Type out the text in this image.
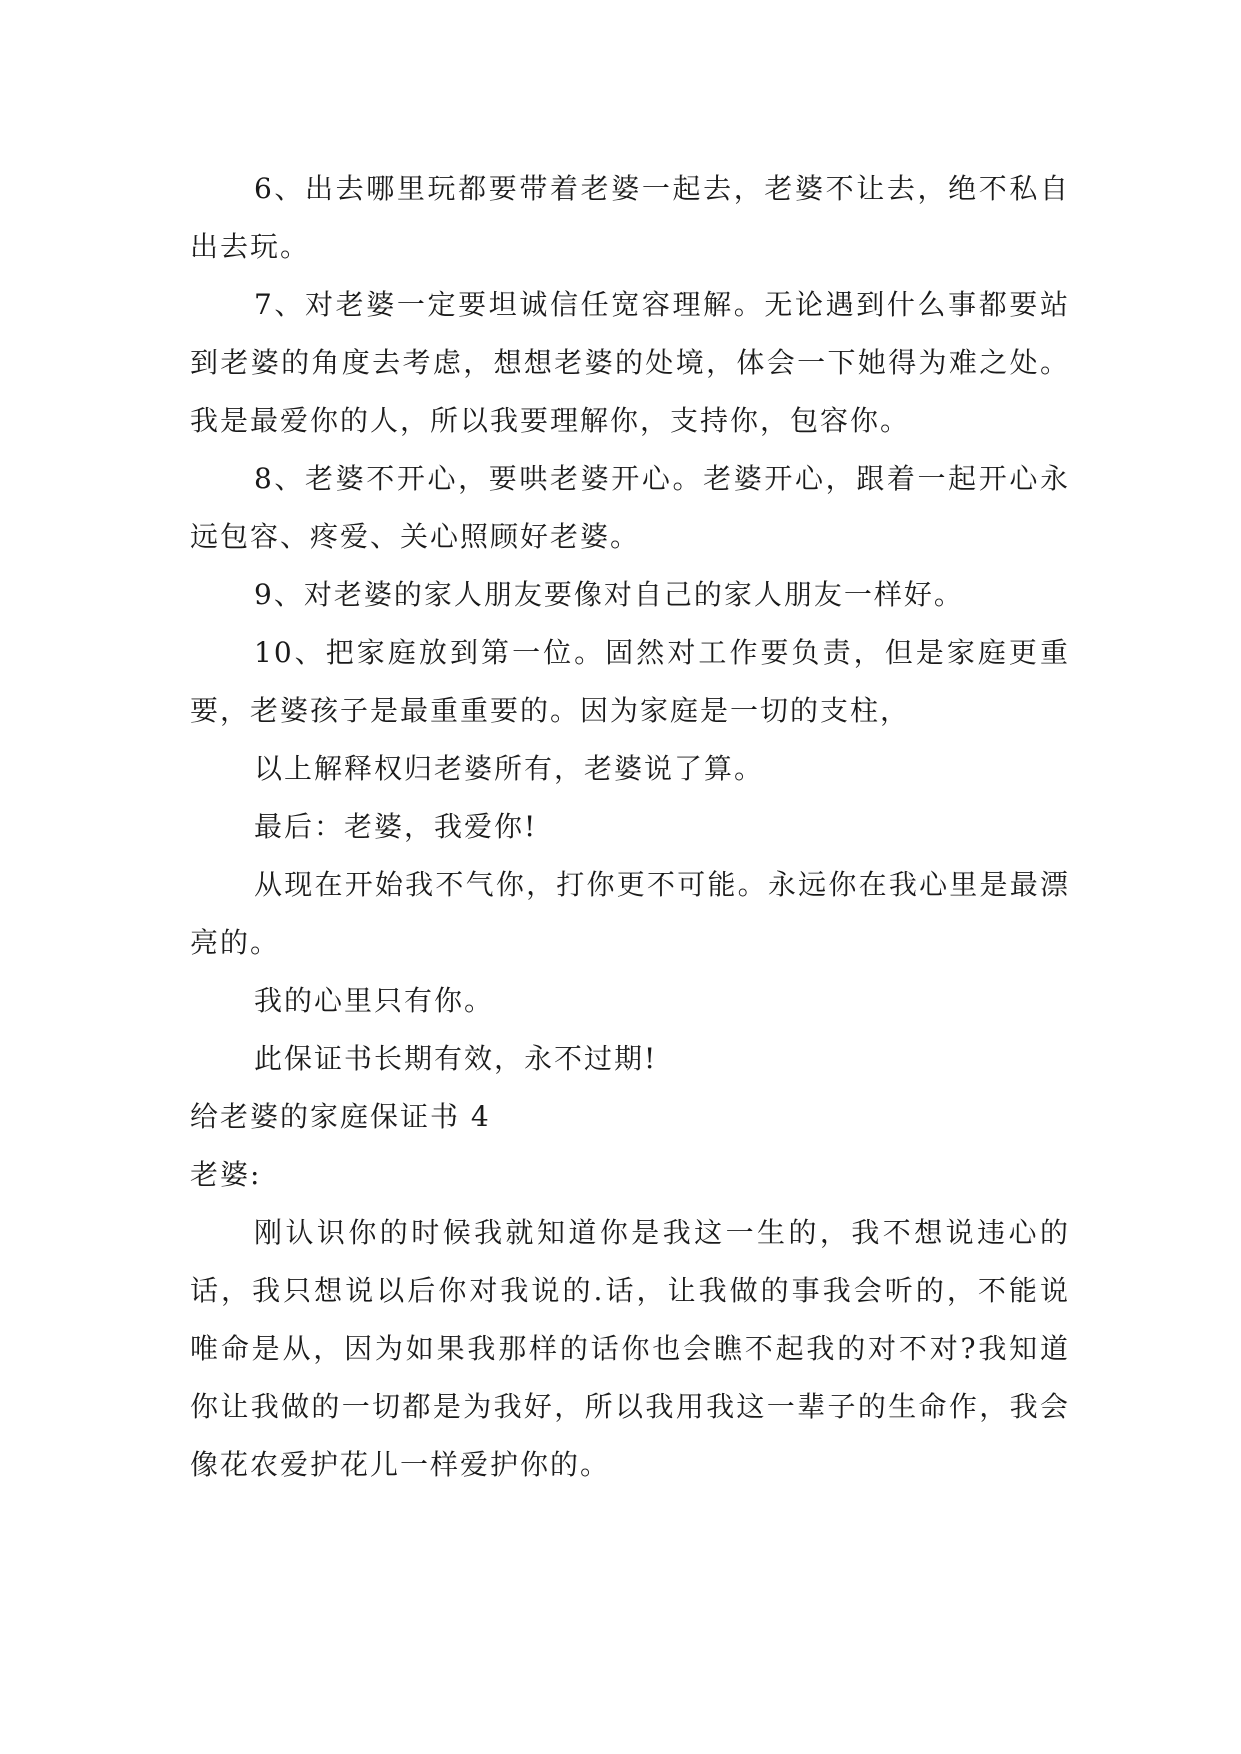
6、出去哪里玩都要带着老婆一起去，老婆不让去，绝不私自出去玩。

7、对老婆一定要坦诚信任宽容理解。无论遇到什么事都要站到老婆的角度去考虑，想想老婆的处境，体会一下她得为难之处。我是最爱你的人，所以我要理解你，支持你，包容你。

8、老婆不开心，要哄老婆开心。老婆开心，跟着一起开心永远包容、疼爱、关心照顾好老婆。

9、对老婆的家人朋友要像对自己的家人朋友一样好。

10、把家庭放到第一位。固然对工作要负责，但是家庭更重要，老婆孩子是最重重要的。因为家庭是一切的支柱，

以上解释权归老婆所有，老婆说了算。

最后：老婆，我爱你!

从现在开始我不气你，打你更不可能。永远你在我心里是最漂亮的。

我的心里只有你。

此保证书长期有效，永不过期!

给老婆的家庭保证书 4

老婆:

刚认识你的时候我就知道你是我这一生的，我不想说违心的话，我只想说以后你对我说的.话，让我做的事我会听的，不能说唯命是从，因为如果我那样的话你也会瞧不起我的对不对?我知道你让我做的一切都是为我好，所以我用我这一辈子的生命作，我会像花农爱护花儿一样爱护你的。
